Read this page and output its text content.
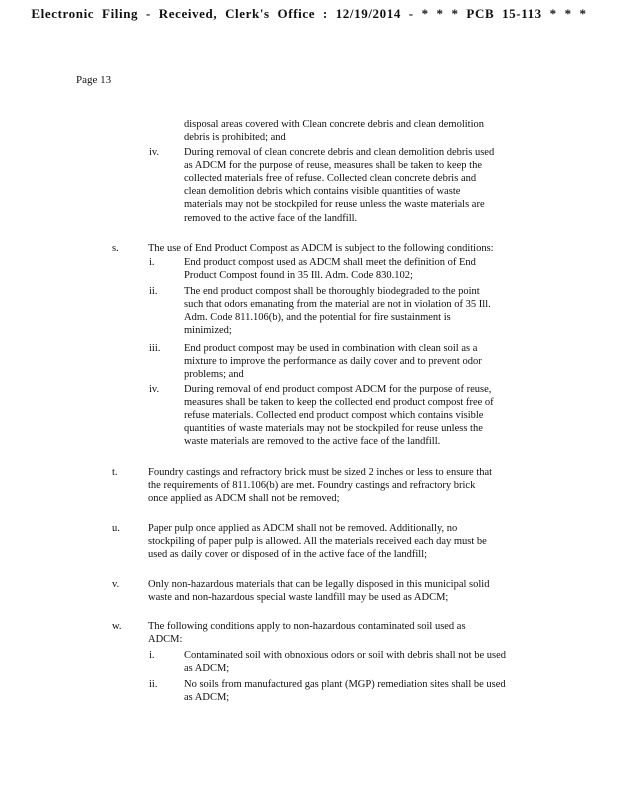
Electronic Filing - Received, Clerk's Office : 12/19/2014 - * * * PCB 15-113 * * *
Page 13
disposal areas covered with Clean concrete debris and clean demolition
debris is prohibited; and
iv. During removal of clean concrete debris and clean demolition debris used
as ADCM for the purpose of reuse, measures shall be taken to keep the
collected materials free of refuse. Collected clean concrete debris and
clean demolition debris which contains visible quantities of waste
materials may not be stockpiled for reuse unless the waste materials are
removed to the active face of the landfill.
s.	The use of End Product Compost as ADCM is subject to the following conditions:
i.	End product compost used as ADCM shall meet the definition of End
Product Compost found in 35 Ill. Adm. Code 830.102;
ii.	The end product compost shall be thoroughly biodegraded to the point
such that odors emanating from the material are not in violation of 35 Ill.
Adm. Code 811.106(b), and the potential for fire sustainment is
minimized;
iii. End product compost may be used in combination with clean soil as a
mixture to improve the performance as daily cover and to prevent odor
problems; and
iv. During removal of end product compost ADCM for the purpose of reuse,
measures shall be taken to keep the collected end product compost free of
refuse materials. Collected end product compost which contains visible
quantities of waste materials may not be stockpiled for reuse unless the
waste materials are removed to the active face of the landfill.
t.	Foundry castings and refractory brick must be sized 2 inches or less to ensure that
the requirements of 811.106(b) are met. Foundry castings and refractory brick
once applied as ADCM shall not be removed;
u.	Paper pulp once applied as ADCM shall not be removed. Additionally, no
stockpiling of paper pulp is allowed. All the materials received each day must be
used as daily cover or disposed of in the active face of the landfill;
v.	Only non-hazardous materials that can be legally disposed in this municipal solid
waste and non-hazardous special waste landfill may be used as ADCM;
w.	The following conditions apply to non-hazardous contaminated soil used as
ADCM:
i.	Contaminated soil with obnoxious odors or soil with debris shall not be used
as ADCM;
ii.	No soils from manufactured gas plant (MGP) remediation sites shall be used
as ADCM;
